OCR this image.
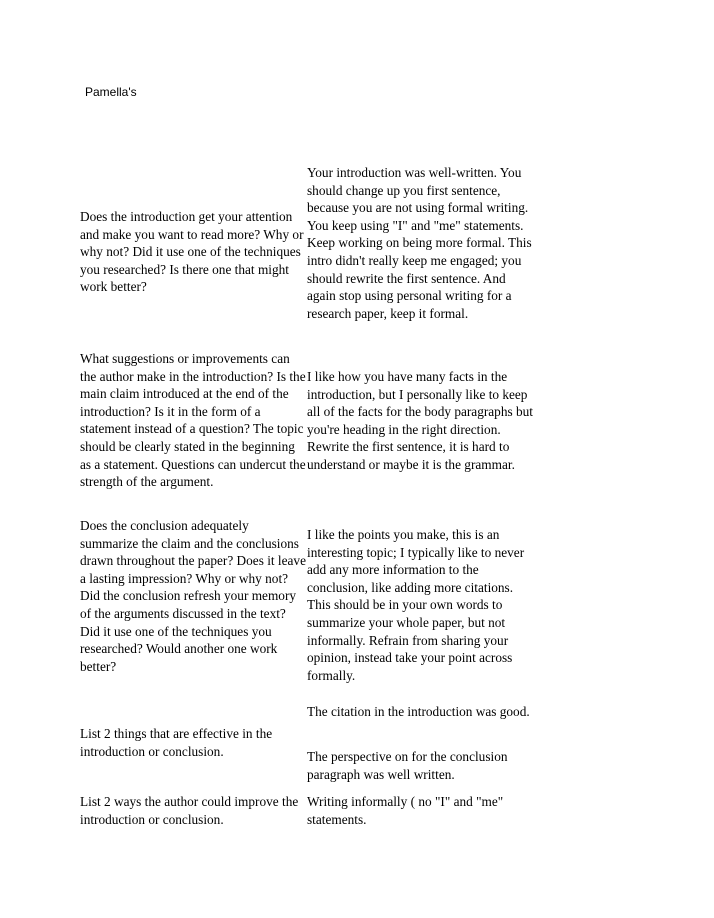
Pamella's
Does the introduction get your attention and make you want to read more? Why or why not? Did it use one of the techniques you researched? Is there one that might work better?
Your introduction was well-written. You should change up you first sentence, because you are not using formal writing. You keep using "I" and "me" statements. Keep working on being more formal. This intro didn't really keep me engaged; you should rewrite the first sentence. And again stop using personal writing for a research paper, keep it formal.
What suggestions or improvements can the author make in the introduction? Is the main claim introduced at the end of the introduction? Is it in the form of a statement instead of a question? The topic should be clearly stated in the beginning as a statement. Questions can undercut the strength of the argument.
I like how you have many facts in the introduction, but I personally like to keep all of the facts for the body paragraphs but you're heading in the right direction. Rewrite the first sentence, it is hard to understand or maybe it is the grammar.
Does the conclusion adequately summarize the claim and the conclusions drawn throughout the paper? Does it leave a lasting impression? Why or why not? Did the conclusion refresh your memory of the arguments discussed in the text? Did it use one of the techniques you researched? Would another one work better?
I like the points you make, this is an interesting topic; I typically like to never add any more information to the conclusion, like adding more citations. This should be in your own words to summarize your whole paper, but not informally. Refrain from sharing your opinion, instead take your point across formally.
List 2 things that are effective in the introduction or conclusion.
The citation in the introduction was good.
The perspective on for the conclusion paragraph was well written.
List 2 ways the author could improve the introduction or conclusion.
Writing informally ( no "I" and "me" statements.
